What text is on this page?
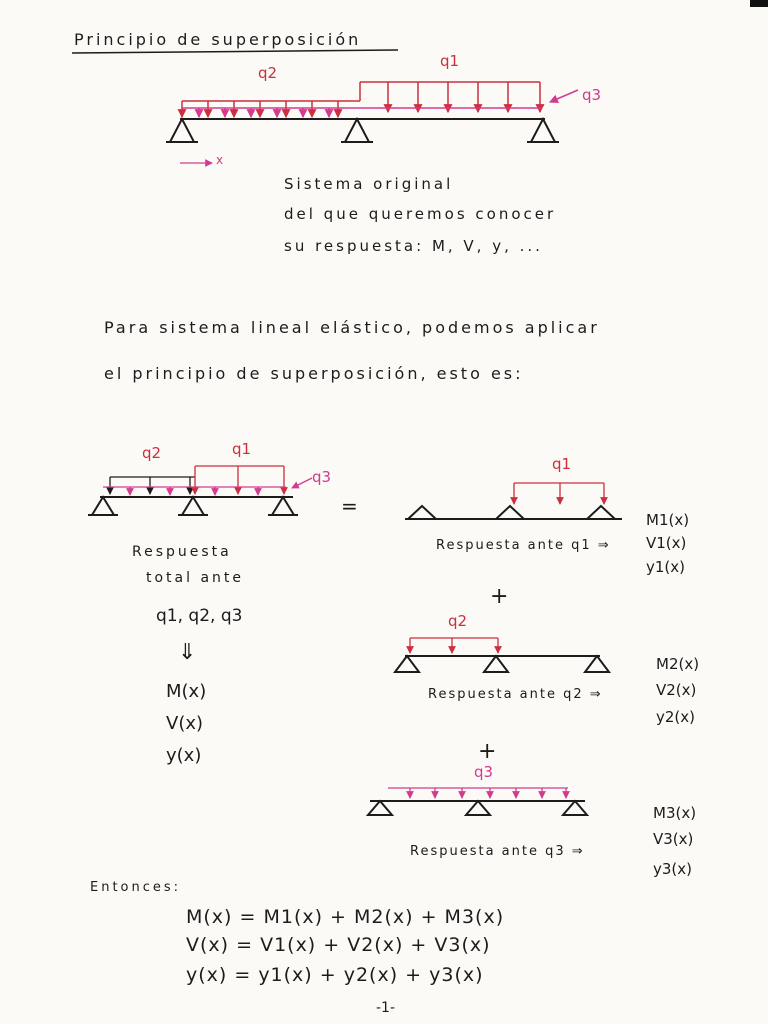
Principio de superposición
q2
q1
q3
x
Sistema original
del que queremos conocer
su respuesta: M, V, y, ...
Para sistema lineal elástico, podemos aplicar
el principio de superposición, esto es:
q2	q1
q3
=
Respuesta
total ante
q1, q2, q3
⇓
M(x)
V(x)
y(x)
q1
Respuesta ante q1 ⇒
M1(x)
V1(x)
y1(x)
+
q2
Respuesta ante q2 ⇒
M2(x)
V2(x)
y2(x)
+
q3
Respuesta ante q3 ⇒
M3(x)
V3(x)
y3(x)
Entonces:
M(x) = M1(x) + M2(x) + M3(x)
V(x) = V1(x) + V2(x) + V3(x)
y(x) = y1(x) + y2(x) + y3(x)
-1-
